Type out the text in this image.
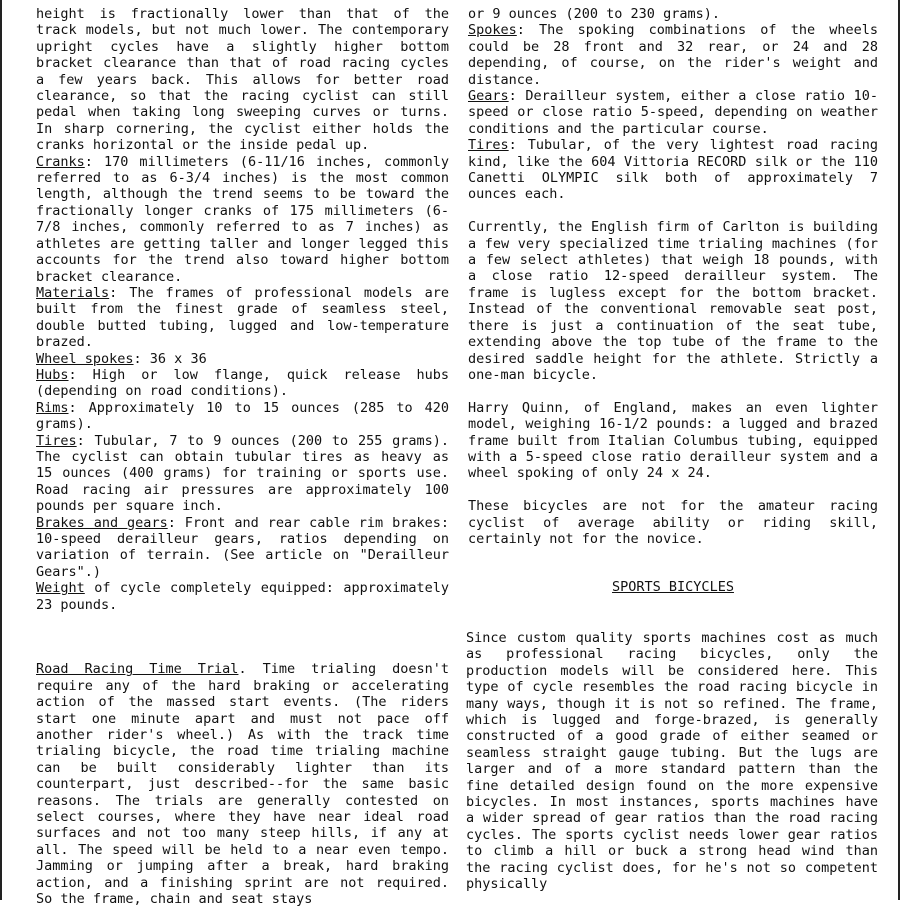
height is fractionally lower than that of the track models, but not much lower. The contemporary upright cycles have a slightly higher bottom bracket clearance than that of road racing cycles a few years back. This allows for better road clearance, so that the racing cyclist can still pedal when taking long sweeping curves or turns. In sharp cornering, the cyclist either holds the cranks horizontal or the inside pedal up.

Cranks: 170 millimeters (6-11/16 inches, commonly referred to as 6-3/4 inches) is the most common length, although the trend seems to be toward the fractionally longer cranks of 175 millimeters (6-7/8 inches, commonly referred to as 7 inches) as athletes are getting taller and longer legged this accounts for the trend also toward higher bottom bracket clearance.

Materials: The frames of professional models are built from the finest grade of seamless steel, double butted tubing, lugged and low-temperature brazed.

Wheel spokes: 36 x 36

Hubs: High or low flange, quick release hubs (depending on road conditions).

Rims: Approximately 10 to 15 ounces (285 to 420 grams).

Tires: Tubular, 7 to 9 ounces (200 to 255 grams). The cyclist can obtain tubular tires as heavy as 15 ounces (400 grams) for training or sports use. Road racing air pressures are approximately 100 pounds per square inch.

Brakes and gears: Front and rear cable rim brakes: 10-speed derailleur gears, ratios depending on variation of terrain. (See article on "Derailleur Gears".)

Weight of cycle completely equipped: approximately 23 pounds.

Road Racing Time Trial. Time trialing doesn't require any of the hard braking or accelerating action of the massed start events. (The riders start one minute apart and must not pace off another rider's wheel.) As with the track time trialing bicycle, the road time trialing machine can be built considerably lighter than its counterpart, just described--for the same basic reasons. The trials are generally contested on select courses, where they have near ideal road surfaces and not too many steep hills, if any at all. The speed will be held to a near even tempo. Jamming or jumping after a break, hard braking action, and a finishing sprint are not required. So the frame, chain and seat stays

or 9 ounces (200 to 230 grams).

Spokes: The spoking combinations of the wheels could be 28 front and 32 rear, or 24 and 28 depending, of course, on the rider's weight and distance.

Gears: Derailleur system, either a close ratio 10-speed or close ratio 5-speed, depending on weather conditions and the particular course.

Tires: Tubular, of the very lightest road racing kind, like the 604 Vittoria RECORD silk or the 110 Canetti OLYMPIC silk both of approximately 7 ounces each.

Currently, the English firm of Carlton is building a few very specialized time trialing machines (for a few select athletes) that weigh 18 pounds, with a close ratio 12-speed derailleur system. The frame is lugless except for the bottom bracket. Instead of the conventional removable seat post, there is just a continuation of the seat tube, extending above the top tube of the frame to the desired saddle height for the athlete. Strictly a one-man bicycle.

Harry Quinn, of England, makes an even lighter model, weighing 16-1/2 pounds: a lugged and brazed frame built from Italian Columbus tubing, equipped with a 5-speed close ratio derailleur system and a wheel spoking of only 24 x 24.

These bicycles are not for the amateur racing cyclist of average ability or riding skill, certainly not for the novice.

SPORTS BICYCLES

Since custom quality sports machines cost as much as professional racing bicycles, only the production models will be considered here. This type of cycle resembles the road racing bicycle in many ways, though it is not so refined. The frame, which is lugged and forge-brazed, is generally constructed of a good grade of either seamed or seamless straight gauge tubing. But the lugs are larger and of a more standard pattern than the fine detailed design found on the more expensive bicycles. In most instances, sports machines have a wider spread of gear ratios than the road racing cycles. The sports cyclist needs lower gear ratios to climb a hill or buck a strong head wind than the racing cyclist does, for he's not so competent physically
